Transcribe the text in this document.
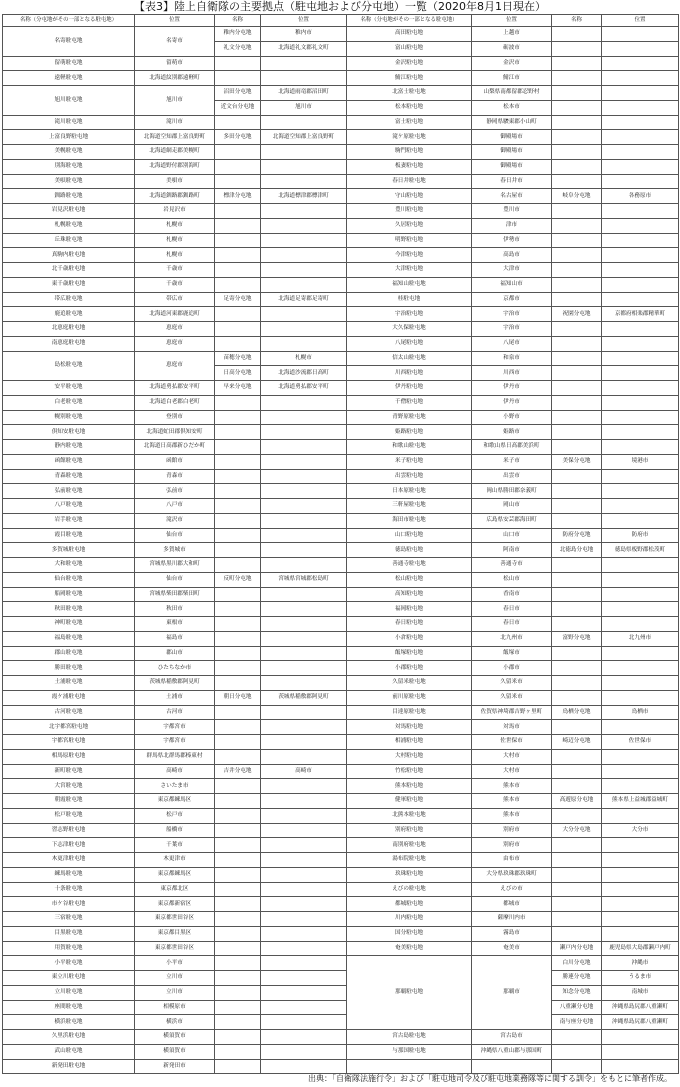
【表3】陸上自衛隊の主要拠点（駐屯地および分屯地）一覧（2020年8月1日現在）
名称（分屯地がその一部となる駐屯地）	位置	名称	位置	名称（分屯地がその一部となる駐屯地）	位置	名称	位置
名寄駐屯地	名寄市	稚内分屯地	稚内市	高田駐屯地	上越市		
		礼文分屯地	北海道礼文郡礼文町	富山駐屯地	砺波市		
留萌駐屯地	留萌市			金沢駐屯地	金沢市		
遠軽駐屯地	北海道紋別郡遠軽町			鯖江駐屯地	鯖江市		
旭川駐屯地	旭川市	沼田分屯地	北海道雨竜郡沼田町	北富士駐屯地	山梨県南都留郡忍野村		
		近文台分屯地	旭川市	松本駐屯地	松本市		
滝川駐屯地	滝川市			富士駐屯地	静岡県駿東郡小山町		
上富良野駐屯地	北海道空知郡上富良野町	多田分屯地	北海道空知郡上富良野町	滝ケ原駐屯地	御殿場市		
美幌駐屯地	北海道網走郡美幌町			駒門駐屯地	御殿場市		
別海駐屯地	北海道野付郡別海町			板妻駐屯地	御殿場市		
美唄駐屯地	美唄市			春日井駐屯地	春日井市		
釧路駐屯地	北海道釧路郡釧路町	標津分屯地	北海道標津郡標津町	守山駐屯地	名古屋市	岐阜分屯地	各務原市
岩見沢駐屯地	岩見沢市			豊川駐屯地	豊川市		
札幌駐屯地	札幌市			久居駐屯地	津市		
丘珠駐屯地	札幌市			明野駐屯地	伊勢市		
真駒内駐屯地	札幌市			今津駐屯地	高島市		
北千歳駐屯地	千歳市			大津駐屯地	大津市		
東千歳駐屯地	千歳市			福知山駐屯地	福知山市		
帯広駐屯地	帯広市	足寄分屯地	北海道足寄郡足寄町	桂駐屯地	京都市		
鹿追駐屯地	北海道河東郡鹿追町			宇治駐屯地	宇治市	祝園分屯地	京都府相楽郡精華町
北恵庭駐屯地	恵庭市			大久保駐屯地	宇治市		
南恵庭駐屯地	恵庭市			八尾駐屯地	八尾市		
島松駐屯地	恵庭市	苗穂分屯地	札幌市	信太山駐屯地	和泉市		
		日高分屯地	北海道沙流郡日高町	川西駐屯地	川西市		
安平駐屯地	北海道勇払郡安平町	早来分屯地	北海道勇払郡安平町	伊丹駐屯地	伊丹市		
白老駐屯地	北海道白老郡白老町			千僧駐屯地	伊丹市		
幌別駐屯地	登別市			青野原駐屯地	小野市		
倶知安駐屯地	北海道虻田郡倶知安町			姫路駐屯地	姫路市		
静内駐屯地	北海道日高郡新ひだか町			和歌山駐屯地	和歌山県日高郡美浜町		
函館駐屯地	函館市			米子駐屯地	米子市	美保分屯地	境港市
青森駐屯地	青森市			出雲駐屯地	出雲市		
弘前駐屯地	弘前市			日本原駐屯地	岡山県勝田郡奈義町		
八戸駐屯地	八戸市			三軒屋駐屯地	岡山市		
岩手駐屯地	滝沢市			海田市駐屯地	広島県安芸郡海田町		
霞目駐屯地	仙台市			山口駐屯地	山口市	防府分屯地	防府市
多賀城駐屯地	多賀城市			徳島駐屯地	阿南市	北徳島分屯地	徳島県板野郡松茂町
大和駐屯地	宮城県黒川郡大和町			善通寺駐屯地	善通寺市		
仙台駐屯地	仙台市	反町分屯地	宮城県宮城郡松島町	松山駐屯地	松山市		
船岡駐屯地	宮城県柴田郡柴田町			高知駐屯地	香南市		
秋田駐屯地	秋田市			福岡駐屯地	春日市		
神町駐屯地	東根市			春日駐屯地	春日市		
福島駐屯地	福島市			小倉駐屯地	北九州市	富野分屯地	北九州市
郡山駐屯地	郡山市			飯塚駐屯地	飯塚市		
勝田駐屯地	ひたちなか市			小郡駐屯地	小郡市		
土浦駐屯地	茨城県稲敷郡阿見町			久留米駐屯地	久留米市		
霞ケ浦駐屯地	土浦市	朝日分屯地	茨城県稲敷郡阿見町	前川原駐屯地	久留米市		
古河駐屯地	古河市			目達原駐屯地	佐賀県神埼郡吉野ヶ里町	鳥栖分屯地	鳥栖市
北宇都宮駐屯地	宇都宮市			対馬駐屯地	対馬市		
宇都宮駐屯地	宇都宮市			相浦駐屯地	佐世保市	崎辺分屯地	佐世保市
相馬原駐屯地	群馬県北群馬郡榛東村			大村駐屯地	大村市		
新町駐屯地	高崎市	吉井分屯地	高崎市	竹松駐屯地	大村市		
大宮駐屯地	さいたま市			熊本駐屯地	熊本市		
朝霞駐屯地	東京都練馬区			健軍駐屯地	熊本市	高遊原分屯地	熊本県上益城郡益城町
松戸駐屯地	松戸市			北熊本駐屯地	熊本市		
習志野駐屯地	船橋市			別府駐屯地	別府市	大分分屯地	大分市
下志津駐屯地	千葉市			南別府駐屯地	別府市		
木更津駐屯地	木更津市			湯布院駐屯地	由布市		
練馬駐屯地	東京都練馬区			玖珠駐屯地	大分県玖珠郡玖珠町		
十条駐屯地	東京都北区			えびの駐屯地	えびの市		
市ケ谷駐屯地	東京都新宿区			都城駐屯地	都城市		
三宿駐屯地	東京都世田谷区			川内駐屯地	薩摩川内市		
目黒駐屯地	東京都目黒区			国分駐屯地	霧島市		
用賀駐屯地	東京都世田谷区			奄美駐屯地	奄美市	瀬戸内分屯地	鹿児島県大島郡瀬戸内町
小平駐屯地	小平市			那覇駐屯地	那覇市	白川分屯地	沖縄市
東立川駐屯地	立川市					勝連分屯地	うるま市
立川駐屯地	立川市					知念分屯地	南城市
座間駐屯地	相模原市					八重瀬分屯地	沖縄県島尻郡八重瀬町
横浜駐屯地	横浜市					南与座分屯地	沖縄県島尻郡八重瀬町
久里浜駐屯地	横須賀市			宮古島駐屯地	宮古島市		
武山駐屯地	横須賀市			与那国駐屯地	沖縄県八重山郡与那国町		
新発田駐屯地	新発田市						
出典：「自衛隊法施行令」および「駐屯地司令及び駐屯地業務隊等に関する訓令」をもとに筆者作成。
